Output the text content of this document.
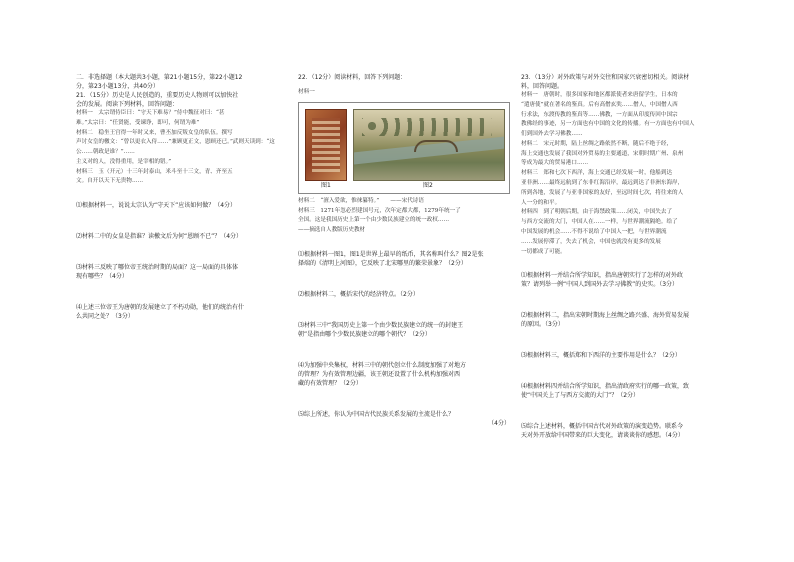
二．非选择题（本大题共3小题，第21小题15分，第22小题12

分，第23小题13分，共40分）

21．（15分）历史是人民创造的，重要历史人物则可以加快社

会的发展。阅读下列材料，回答问题：

材料一　太宗谓侍臣曰：“守天下难易？”侍中魏征对曰：“甚

难。”太宗曰：“任贤能，受谏诤，即可，何谓为难”

材料二　稳坐王宫得一年时又来，曹丕加反叛女皇的队伍。撰写

声讨女皇的檄文：“曾以更衣入侍……”兼顾更正文，恩顾还已。”武则天读到：“这

公……朝政是谁？”……

主义对的人，没得重用，是宰相的错。”

材料三　玉（开元）十三年封泰山，米斗至十三文，青、齐至五

文。自开以天下无贵物……

⑴根据材料一，说说太宗认为“守天下”应该如何做？（4分）

⑵材料二中的女皇是指谁？读檄文后为何“恩顾不已”？（4分）

⑶材料三反映了哪位帝王统治时期的局面？这一局面的具体体

现有哪些？（4分）

⑷上述三位帝王为唐朝的发展建立了不朽功勋，他们的统治有什

么共同之处？（3分）

22．（12分）阅读材料，回答下列问题：

材料一

图1	图2

材料二　“澶入爱欲，惟徕纂特。”　　——宋代诗语

材料三　1271年忽必烈建国号元，次年定都大都，1279年统一了

全国。这是我国历史上第一个由少数民族建立的统一政权……

——摘选自人教版历史教材

⑴根据材料一图1，图1是世界上最早的纸币，其名称叫什么？图2是张

择端的《清明上河图》，它反映了北宋哪里的繁荣景象？（2分）

⑵根据材料二，概括宋代的经济特点。（2分）

⑶材料三中“我国历史上第一个由少数民族建立的统一的封建王

朝”是指由哪个少数民族建立的哪个朝代？（2分）

⑷为加强中央集权，材料三中的朝代创立什么制度加强了对地方

的管理？为有效管理边疆，该王朝还设置了什么机构加强对西

藏的有效管理？（2分）

⑸综上所述，你认为中国古代民族关系发展的主流是什么？

（4分）

23．（13分）对外政策与对外交往和国家兴衰密切相关。阅读材

料，回答问题。

材料一　唐朝时，很多国家和地区都派使者来唐留学生，日本的

“遣唐使”就在著名的鉴真。后有高僧玄奘……僧人，中国僧人西

行求法，东渡传教的鉴真等……佛教，一方面从印度传回中国宗

教佛经的事迹，另一方面也有中国的文化的传播。有一方面也有中国人

们到国外去学习佛教……

材料二　宋元时期，陆上丝绸之路依然不断，随后不绝于经，

海上交通也发展了我国对外贸易的主要通道，宋朝时期广州、泉州

等成为最大的贸易港口……

材料三　郑和七次下西洋，海上交通已经发展一时，他船到达

亚非洲……最终远航到了东非红海沿岸，最远到达了非洲东海岸，

所到各地，发展了与亚非国家的友好，至远时间七次，将往来的人

人一分的和平。

材料四　到了明朝后期，由于海禁政策……闭关，中国失去了

与西方交流的大门，中国人在……一样，与世界潮流隔绝。给了

中国发展的机会……不得不说给了中国人一把，与世界潮流

……发展停滞了，失去了机会，中国也就没有更多的发展

一切都成了可能。

⑴根据材料一并结合所学知识，指出唐朝实行了怎样的对外政

策？请列举一例“中国人到国外去学习佛教”的史实。（3分）

⑵根据材料二，指出宋朝时期海上丝绸之路兴盛、海外贸易发展

的原因。（3分）

⑶根据材料三，概括郑和下西洋的主要作用是什么？（2分）

⑷根据材料四并结合所学知识，指出清政府实行的哪一政策，致

使“中国关上了与西方交流的大门”？（2分）

⑸综合上述材料，概括中国古代对外政策的演变趋势。联系今

天对外开放给中国带来的巨大变化，请谈谈你的感想。（4分）
